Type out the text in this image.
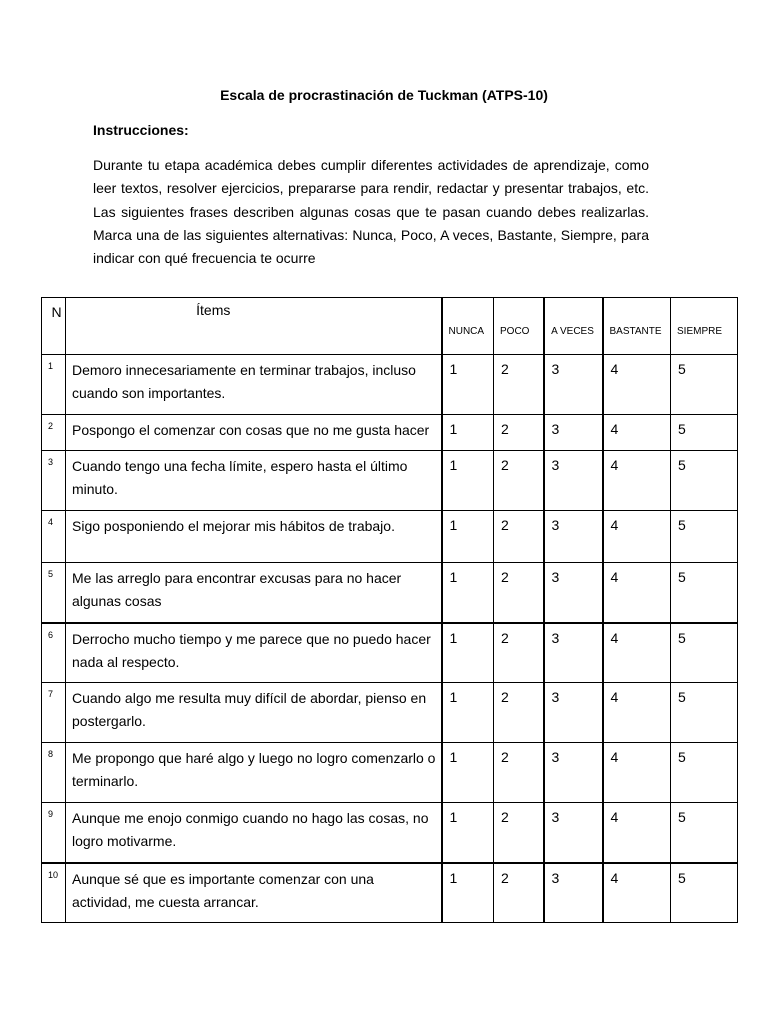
Escala de procrastinación de Tuckman (ATPS-10)
Instrucciones:

Durante tu etapa académica debes cumplir diferentes actividades de aprendizaje, como leer textos, resolver ejercicios, prepararse para rendir, redactar y presentar trabajos, etc. Las siguientes frases describen algunas cosas que te pasan cuando debes realizarlas. Marca una de las siguientes alternativas: Nunca, Poco, A veces, Bastante, Siempre, para indicar con qué frecuencia te ocurre

N	Ítems	NUNCA	POCO	A VECES	BASTANTE	SIEMPRE
1	Demoro innecesariamente en terminar trabajos, incluso cuando son importantes.	1	2	3	4	5
2	Pospongo el comenzar con cosas que no me gusta hacer	1	2	3	4	5
3	Cuando tengo una fecha límite, espero hasta el último minuto.	1	2	3	4	5
4	Sigo posponiendo el mejorar mis hábitos de trabajo.	1	2	3	4	5
5	Me las arreglo para encontrar excusas para no hacer algunas cosas	1	2	3	4	5
6	Derrocho mucho tiempo y me parece que no puedo hacer nada al respecto.	1	2	3	4	5
7	Cuando algo me resulta muy difícil de abordar, pienso en postergarlo.	1	2	3	4	5
8	Me propongo que haré algo y luego no logro comenzarlo o terminarlo.	1	2	3	4	5
9	Aunque me enojo conmigo cuando no hago las cosas, no logro motivarme.	1	2	3	4	5
10	Aunque sé que es importante comenzar con una actividad, me cuesta arrancar.	1	2	3	4	5
